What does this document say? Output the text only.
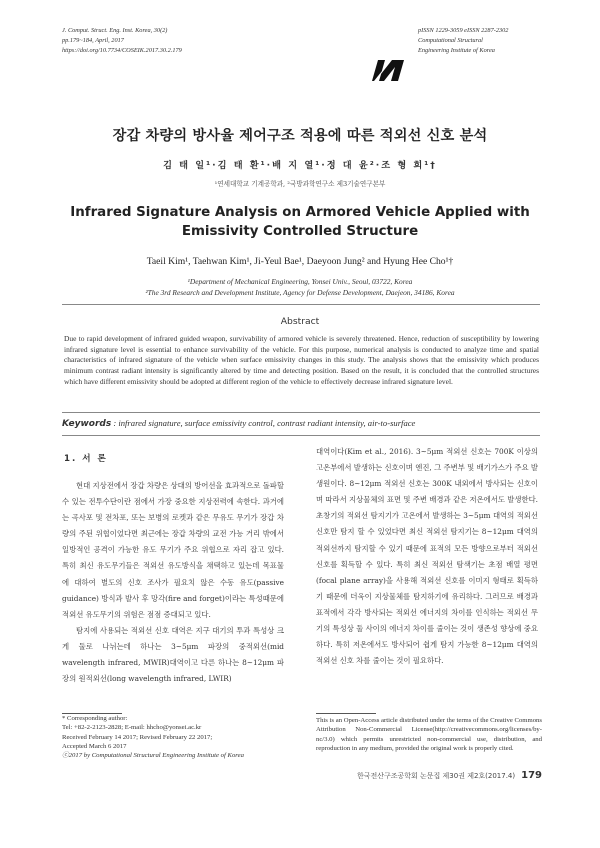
J. Comput. Struct. Eng. Inst. Korea, 30(2)
pp.179~184, April, 2017
https://doi.org/10.7734/COSEIK.2017.30.2.179
pISSN 1229-3059 eISSN 2287-2302
Computational Structural
Engineering Institute of Korea
장갑 차량의 방사율 제어구조 적용에 따른 적외선 신호 분석
김 태 일¹·김 태 환¹·배 지 열¹·정 대 윤²·조 형 희¹†
¹연세대학교 기계공학과, ²국방과학연구소 제3기술연구본부
Infrared Signature Analysis on Armored Vehicle Applied with Emissivity Controlled Structure
Taeil Kim¹, Taehwan Kim¹, Ji-Yeul Bae¹, Daeyoon Jung² and Hyung Hee Cho¹†
¹Department of Mechanical Engineering, Yonsei Univ., Seoul, 03722, Korea
²The 3rd Research and Development Institute, Agency for Defense Development, Daejeon, 34186, Korea
Abstract
Due to rapid development of infrared guided weapon, survivability of armored vehicle is severely threatened. Hence, reduction of susceptibility by lowering infrared signature level is essential to enhance survivability of the vehicle. For this purpose, numerical analysis is conducted to analyze time and spatial characteristics of infrared signature of the vehicle when surface emissivity changes in this study. The analysis shows that the emissivity which produces minimum contrast radiant intensity is significantly altered by time and detecting position. Based on the result, it is concluded that the controlled structures which have different emissivity should be adopted at different region of the vehicle to effectively decrease infrared signature level.
Keywords : infrared signature, surface emissivity control, contrast radiant intensity, air-to-surface
1. 서 론

현대 지상전에서 장갑 차량은 상대의 방어선을 효과적으로 돌파할 수 있는 전투수단이란 점에서 가장 중요한 지상전력에 속한다. 과거에는 곡사포 및 전차포, 또는 보병의 로켓과 같은 무유도 무기가 장갑 차량의 주된 위협이었다면 최근에는 장갑 차량의 교전 가능 거리 밖에서 일방적인 공격이 가능한 유도 무기가 주요 위협으로 자리 잡고 있다. 특히 최신 유도무기들은 적외선 유도방식을 채택하고 있는데 목표물에 대하여 별도의 신호 조사가 필요치 않은 수동 유도(passive guidance) 방식과 발사 후 망각(fire and forget)이라는 특성때문에 적외선 유도무기의 위험은 점점 증대되고 있다.

탐지에 사용되는 적외선 신호 대역은 지구 대기의 투과 특성상 크게 둘로 나뉘는데 하나는 3~5μm 파장의 중적외선(mid wavelength infrared, MWIR)대역이고 다른 하나는 8~12μm 파장의 원적외선(long wavelength infrared, LWIR)

대역이다(Kim et al., 2016). 3~5μm 적외선 신호는 700K 이상의 고온부에서 발생하는 신호이며 엔진, 그 주변부 및 배기가스가 주요 발생원이다. 8~12μm 적외선 신호는 300K 내외에서 방사되는 신호이며 따라서 지상물체의 표면 및 주변 배경과 같은 저온에서도 발생한다. 초창기의 적외선 탐지기가 고온에서 발생하는 3~5μm 대역의 적외선 신호만 탐지 할 수 있었다면 최신 적외선 탐지기는 8~12μm 대역의 적외선까지 탐지할 수 있기 때문에 표적의 모든 방향으로부터 적외선 신호를 획득할 수 있다. 특히 최신 적외선 탐색기는 초점 배열 평면(focal plane array)을 사용해 적외선 신호를 이미지 형태로 획득하기 때문에 더욱이 지상물체를 탐지하기에 유리하다. 그러므로 배경과 표적에서 각각 방사되는 적외선 에너지의 차이를 인식하는 적외선 무기의 특성상 둘 사이의 에너지 차이를 줄이는 것이 생존성 향상에 중요하다. 특히 저온에서도 방사되어 쉽게 탐지 가능한 8~12μm 대역의 적외선 신호 차를 줄이는 것이 필요하다.
* Corresponding author:
Tel: +82-2-2123-2828; E-mail: hhcho@yonsei.ac.kr
Received February 14 2017; Revised February 22 2017;
Accepted March 6 2017
ⓒ2017 by Computational Structural Engineering Institute of Korea
This is an Open-Access article distributed under the terms of the Creative Commons Attribution Non-Commercial License(http://creativecommons.org/licenses/by-nc/3.0) which permits unrestricted non-commercial use, distribution, and reproduction in any medium, provided the original work is properly cited.
한국전산구조공학회 논문집 제30권 제2호(2017.4) 179
